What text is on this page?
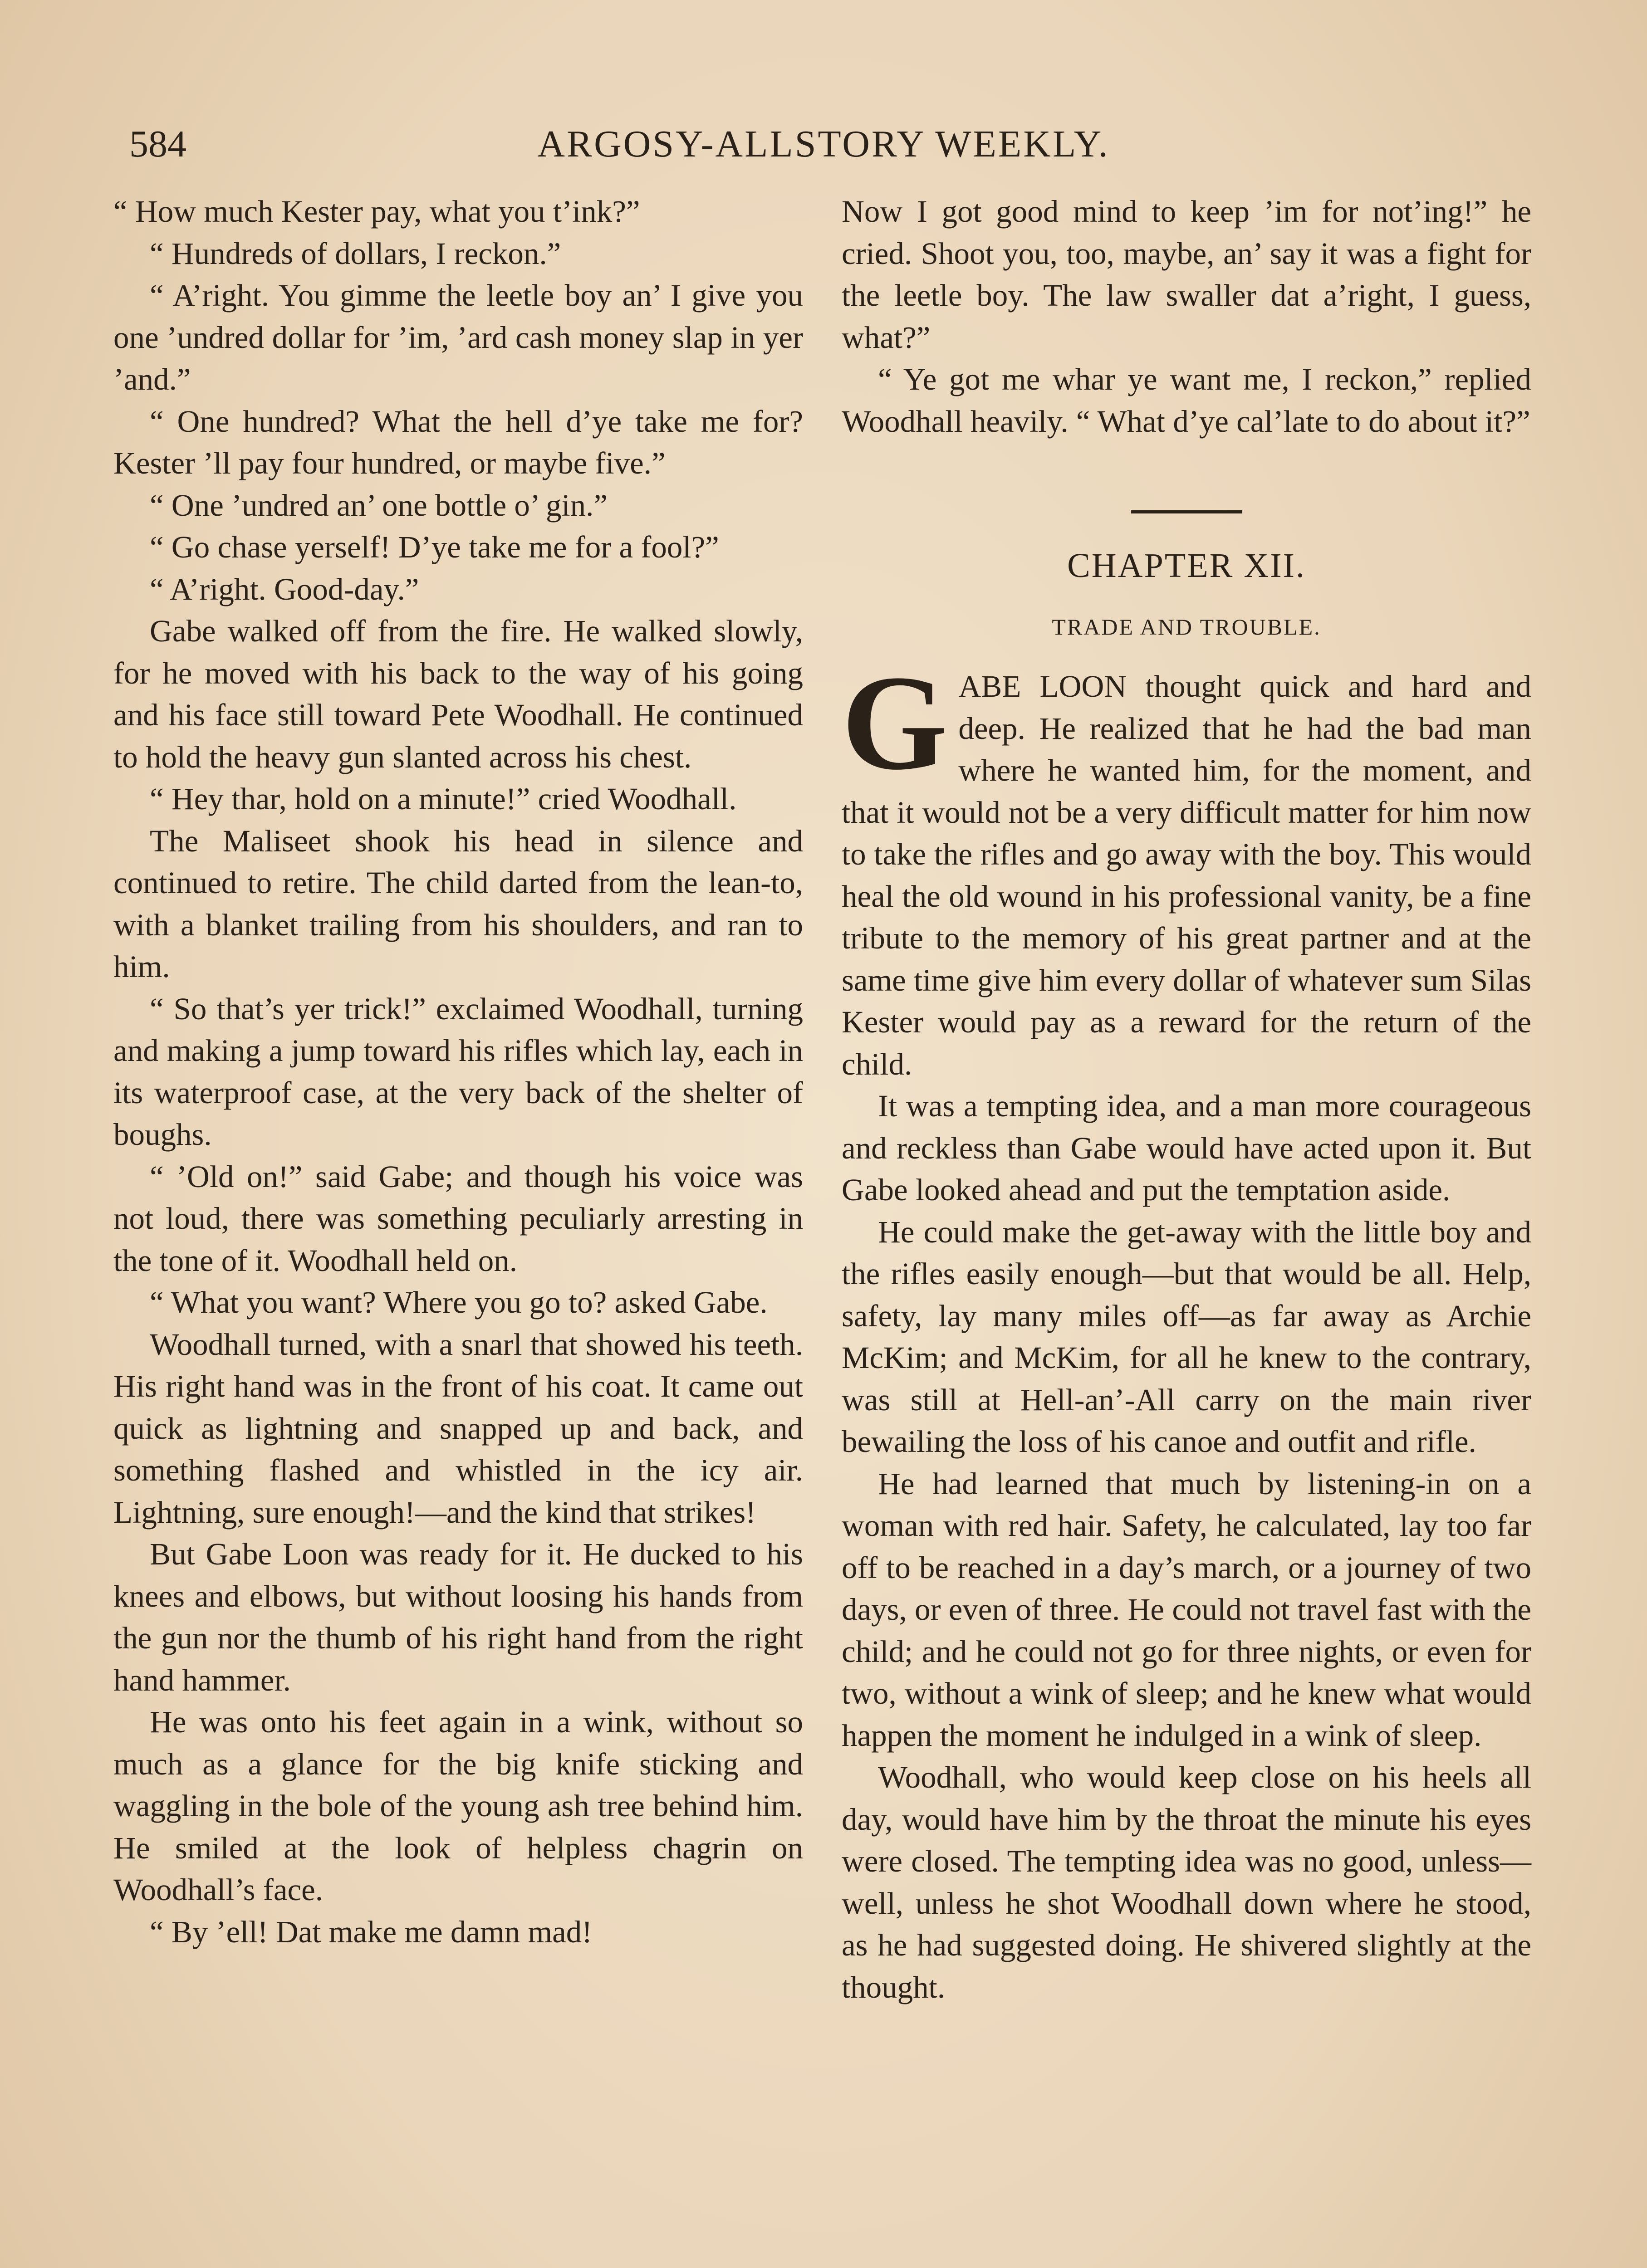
584	ARGOSY-ALLSTORY WEEKLY.

“ How much Kester pay, what you t’ink?”

“ Hundreds of dollars, I reckon.”

“ A’right. You gimme the leetle boy an’ I give you one ’undred dollar for ’im, ’ard cash money slap in yer ’and.”

“ One hundred? What the hell d’ye take me for? Kester ’ll pay four hundred, or maybe five.”

“ One ’undred an’ one bottle o’ gin.”

“ Go chase yerself! D’ye take me for a fool?”

“ A’right. Good-day.”

Gabe walked off from the fire. He walked slowly, for he moved with his back to the way of his going and his face still toward Pete Woodhall. He continued to hold the heavy gun slanted across his chest.

“ Hey thar, hold on a minute!” cried Woodhall.

The Maliseet shook his head in silence and continued to retire. The child darted from the lean-to, with a blanket trailing from his shoulders, and ran to him.

“ So that’s yer trick!” exclaimed Woodhall, turning and making a jump toward his rifles which lay, each in its waterproof case, at the very back of the shelter of boughs.

“ ’Old on!” said Gabe; and though his voice was not loud, there was something peculiarly arresting in the tone of it. Woodhall held on.

“ What you want? Where you go to? asked Gabe.

Woodhall turned, with a snarl that showed his teeth. His right hand was in the front of his coat. It came out quick as lightning and snapped up and back, and something flashed and whistled in the icy air. Lightning, sure enough!—and the kind that strikes!

But Gabe Loon was ready for it. He ducked to his knees and elbows, but without loosing his hands from the gun nor the thumb of his right hand from the right hand hammer.

He was onto his feet again in a wink, without so much as a glance for the big knife sticking and waggling in the bole of the young ash tree behind him. He smiled at the look of helpless chagrin on Woodhall’s face.

“ By ’ell! Dat make me damn mad!

Now I got good mind to keep ’im for not’ing!” he cried. Shoot you, too, maybe, an’ say it was a fight for the leetle boy. The law swaller dat a’right, I guess, what?”

“ Ye got me whar ye want me, I reckon,” replied Woodhall heavily. “ What d’ye cal’late to do about it?”

CHAPTER XII.
TRADE AND TROUBLE.

GABE LOON thought quick and hard and deep. He realized that he had the bad man where he wanted him, for the moment, and that it would not be a very difficult matter for him now to take the rifles and go away with the boy. This would heal the old wound in his professional vanity, be a fine tribute to the memory of his great partner and at the same time give him every dollar of whatever sum Silas Kester would pay as a reward for the return of the child.

It was a tempting idea, and a man more courageous and reckless than Gabe would have acted upon it. But Gabe looked ahead and put the temptation aside.

He could make the get-away with the little boy and the rifles easily enough—but that would be all. Help, safety, lay many miles off—as far away as Archie McKim; and McKim, for all he knew to the contrary, was still at Hell-an’-All carry on the main river bewailing the loss of his canoe and outfit and rifle.

He had learned that much by listening-in on a woman with red hair. Safety, he calculated, lay too far off to be reached in a day’s march, or a journey of two days, or even of three. He could not travel fast with the child; and he could not go for three nights, or even for two, without a wink of sleep; and he knew what would happen the moment he indulged in a wink of sleep.

Woodhall, who would keep close on his heels all day, would have him by the throat the minute his eyes were closed. The tempting idea was no good, unless—well, unless he shot Woodhall down where he stood, as he had suggested doing. He shivered slightly at the thought.
